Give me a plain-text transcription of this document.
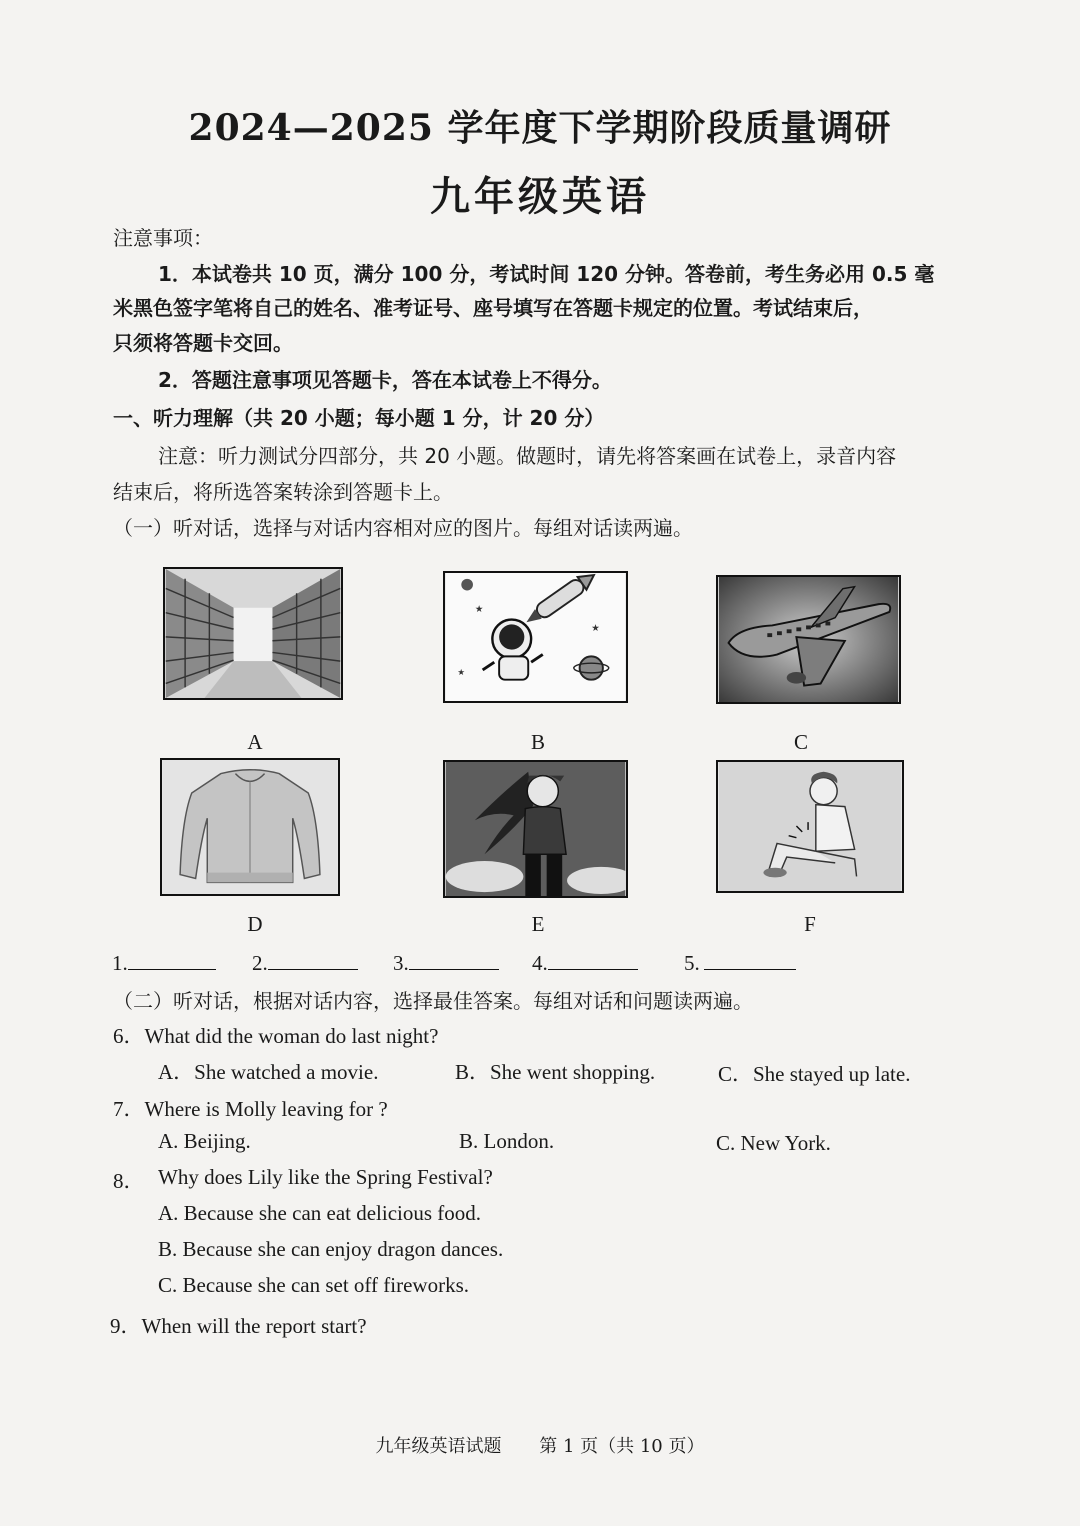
2024—2025 学年度下学期阶段质量调研
九年级英语
注意事项：
1．本试卷共 10 页，满分 100 分，考试时间 120 分钟。答卷前，考生务必用 0.5 毫
米黑色签字笔将自己的姓名、准考证号、座号填写在答题卡规定的位置。考试结束后，
只须将答题卡交回。
2．答题注意事项见答题卡，答在本试卷上不得分。
一、听力理解（共 20 小题；每小题 1 分，计 20 分）
注意：听力测试分四部分，共 20 小题。做题时，请先将答案画在试卷上，录音内容
结束后，将所选答案转涂到答题卡上。
（一）听对话，选择与对话内容相对应的图片。每组对话读两遍。
★
★
★
A	B	C
D	E	F
1.	2.	3.	4.	5.
（二）听对话，根据对话内容，选择最佳答案。每组对话和问题读两遍。
6．What did the woman do last night?
A．She watched a movie.	B．She went shopping.	C．She stayed up late.
7．Where is Molly leaving for ?
A. Beijing.	B. London.	C. New York.
8． Why does Lily like the Spring Festival?
A. Because she can eat delicious food.
B. Because she can enjoy dragon dances.
C. Because she can set off fireworks.
9．When will the report start?
九年级英语试题 第 1 页（共 10 页）
